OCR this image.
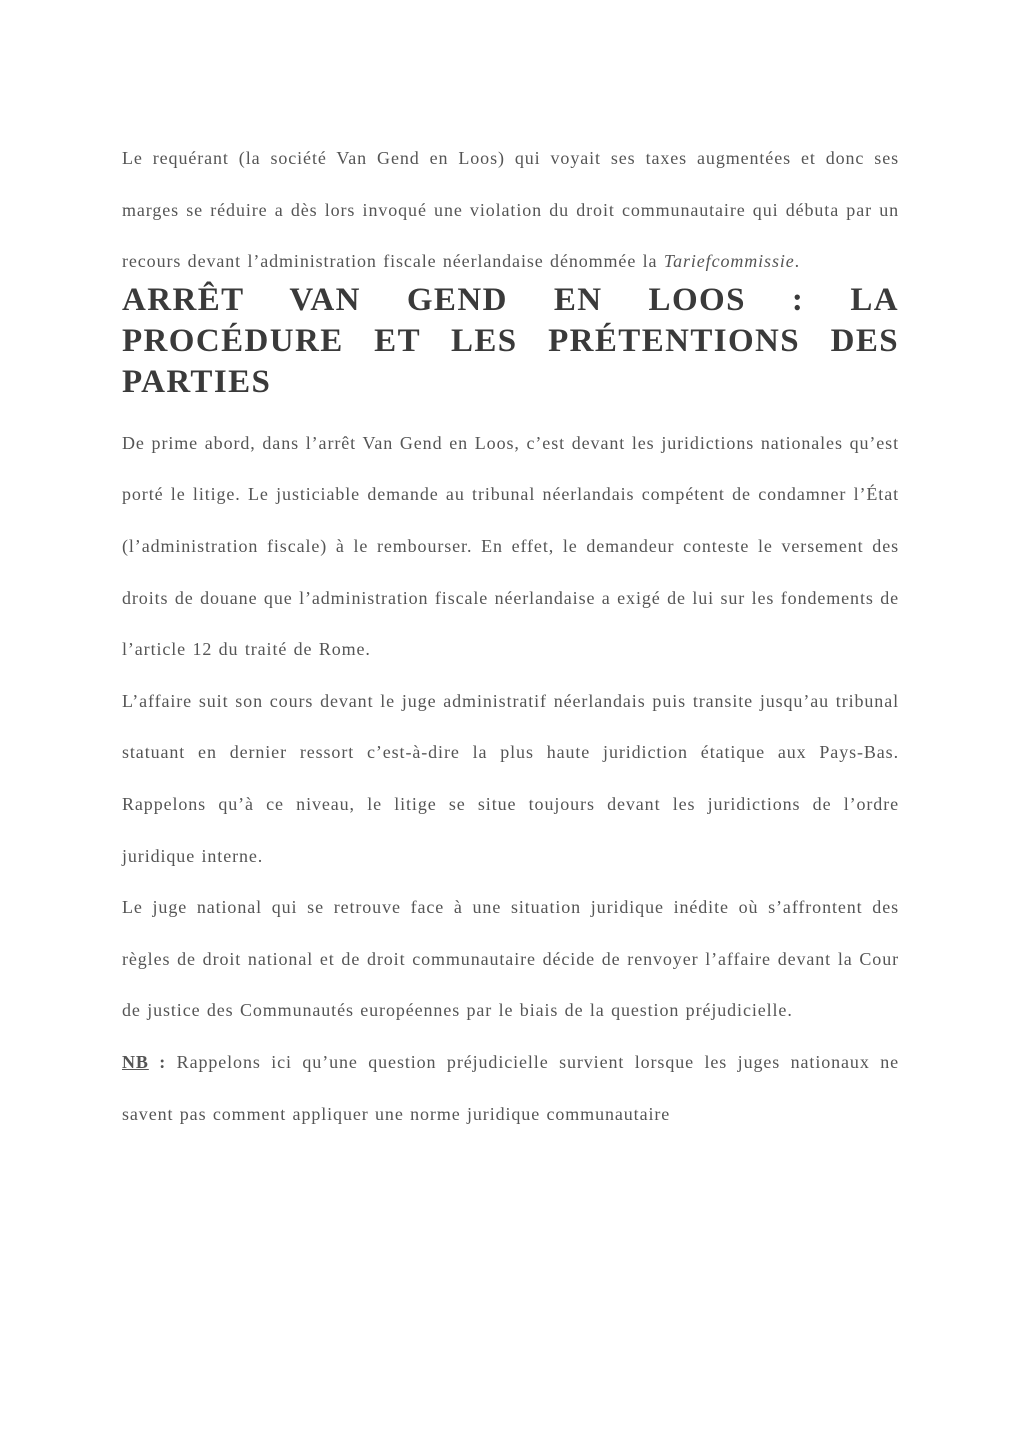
Le requérant (la société Van Gend en Loos) qui voyait ses taxes augmentées et donc ses marges se réduire a dès lors invoqué une violation du droit communautaire qui débuta par un recours devant l’administration fiscale néerlandaise dénommée la Tariefcommissie.

ARRÊT VAN GEND EN LOOS : LA PROCÉDURE ET LES PRÉTENTIONS DES PARTIES

De prime abord, dans l’arrêt Van Gend en Loos, c’est devant les juridictions nationales qu’est porté le litige. Le justiciable demande au tribunal néerlandais compétent de condamner l’État (l’administration fiscale) à le rembourser. En effet, le demandeur conteste le versement des droits de douane que l’administration fiscale néerlandaise a exigé de lui sur les fondements de l’article 12 du traité de Rome.

L’affaire suit son cours devant le juge administratif néerlandais puis transite jusqu’au tribunal statuant en dernier ressort c’est-à-dire la plus haute juridiction étatique aux Pays-Bas. Rappelons qu’à ce niveau, le litige se situe toujours devant les juridictions de l’ordre juridique interne.

Le juge national qui se retrouve face à une situation juridique inédite où s’affrontent des règles de droit national et de droit communautaire décide de renvoyer l’affaire devant la Cour de justice des Communautés européennes par le biais de la question préjudicielle.

NB : Rappelons ici qu’une question préjudicielle survient lorsque les juges nationaux ne savent pas comment appliquer une norme juridique communautaire
